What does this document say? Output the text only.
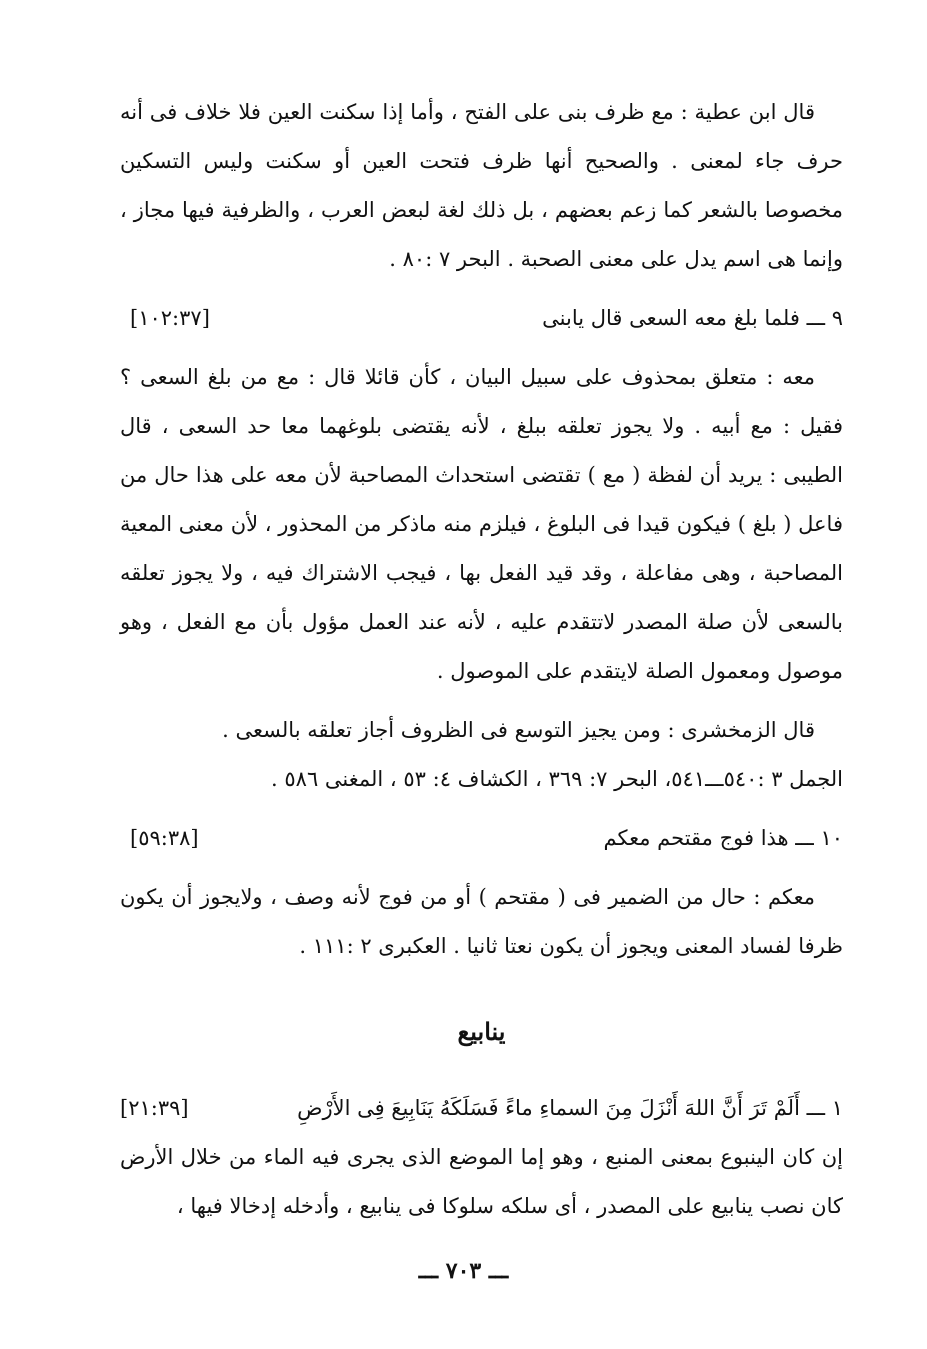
قال ابن عطية : مع ظرف بنى على الفتح ، وأما إذا سكنت العين فلا خلاف فى أنه حرف جاء لمعنى . والصحيح أنها ظرف فتحت العين أو سكنت وليس التسكين مخصوصا بالشعر كما زعم بعضهم ، بل ذلك لغة لبعض العرب ، والظرفية فيها مجاز ، وإنما هى اسم يدل على معنى الصحبة . البحر ٧ :٨٠ .

٩ ـــ فلما بلغ معه السعى قال يابنى
[١٠٢:٣٧]

معه : متعلق بمحذوف على سبيل البيان ، كأن قائلا قال : مع من بلغ السعى ؟ فقيل : مع أبيه . ولا يجوز تعلقه ببلغ ، لأنه يقتضى بلوغهما معا حد السعى ، قال الطيبى : يريد أن لفظة ( مع ) تقتضى استحداث المصاحبة لأن معه على هذا حال من فاعل ( بلغ ) فيكون قيدا فى البلوغ ، فيلزم منه ماذكر من المحذور ، لأن معنى المعية المصاحبة ، وهى مفاعلة ، وقد قيد الفعل بها ، فيجب الاشتراك فيه ، ولا يجوز تعلقه بالسعى لأن صلة المصدر لاتتقدم عليه ، لأنه عند العمل مؤول بأن مع الفعل ، وهو موصول ومعمول الصلة لايتقدم على الموصول .

قال الزمخشرى : ومن يجيز التوسع فى الظروف أجاز تعلقه بالسعى .

الجمل ٣ :٥٤٠ـــ٥٤١، البحر ٧: ٣٦٩ ، الكشاف ٤: ٥٣ ، المغنى ٥٨٦ .

١٠ ـــ هذا فوج مقتحم معكم
[٥٩:٣٨]

معكم : حال من الضمير فى ( مقتحم ) أو من فوج لأنه وصف ، ولايجوز أن يكون ظرفا لفساد المعنى ويجوز أن يكون نعتا ثانيا . العكبرى ٢ :١١١ .

ينابيع
١ ـــ أَلَمْ تَرَ أَنَّ اللهَ أَنْزَلَ مِنَ السماءِ ماءً فَسَلَكَهُ يَنَابِيعَ فِى الأَرْضِ
[٢١:٣٩]

إن كان الينبوع بمعنى المنبع ، وهو إما الموضع الذى يجرى فيه الماء من خلال الأرض كان نصب ينابيع على المصدر ، أى سلكه سلوكا فى ينابيع ، وأدخله إدخالا فيها ،

ـــ ٧٠٣ ـــ
